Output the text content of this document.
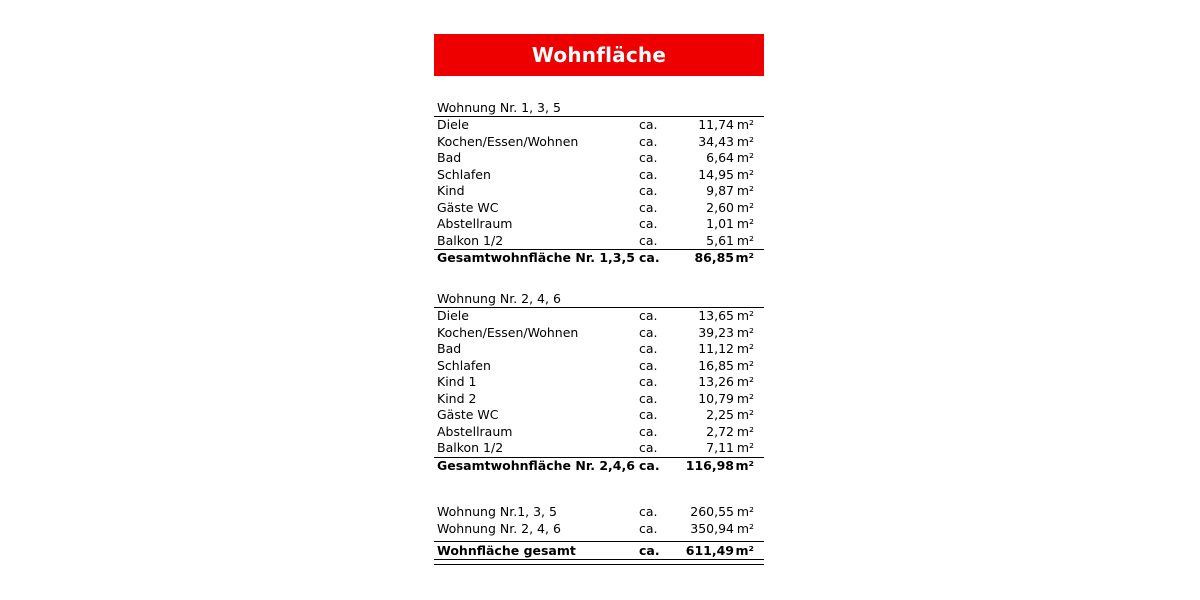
Wohnfläche
Wohnung Nr. 1, 3, 5
Diele	ca.	11,74 m²
Kochen/Essen/Wohnen	ca.	34,43 m²
Bad	ca.	6,64 m²
Schlafen	ca.	14,95 m²
Kind	ca.	9,87 m²
Gäste WC	ca.	2,60 m²
Abstellraum	ca.	1,01 m²
Balkon 1/2	ca.	5,61 m²
Gesamtwohnfläche Nr. 1,3,5 ca.	86,85 m²
Wohnung Nr. 2, 4, 6
Diele	ca.	13,65 m²
Kochen/Essen/Wohnen	ca.	39,23 m²
Bad	ca.	11,12 m²
Schlafen	ca.	16,85 m²
Kind 1	ca.	13,26 m²
Kind 2	ca.	10,79 m²
Gäste WC	ca.	2,25 m²
Abstellraum	ca.	2,72 m²
Balkon 1/2	ca.	7,11 m²
Gesamtwohnfläche Nr. 2,4,6 ca. 116,98 m²
Wohnung Nr.1, 3, 5	ca.	260,55 m²
Wohnung Nr. 2, 4, 6	ca.	350,94 m²
Wohnfläche gesamt	ca. 611,49 m²
